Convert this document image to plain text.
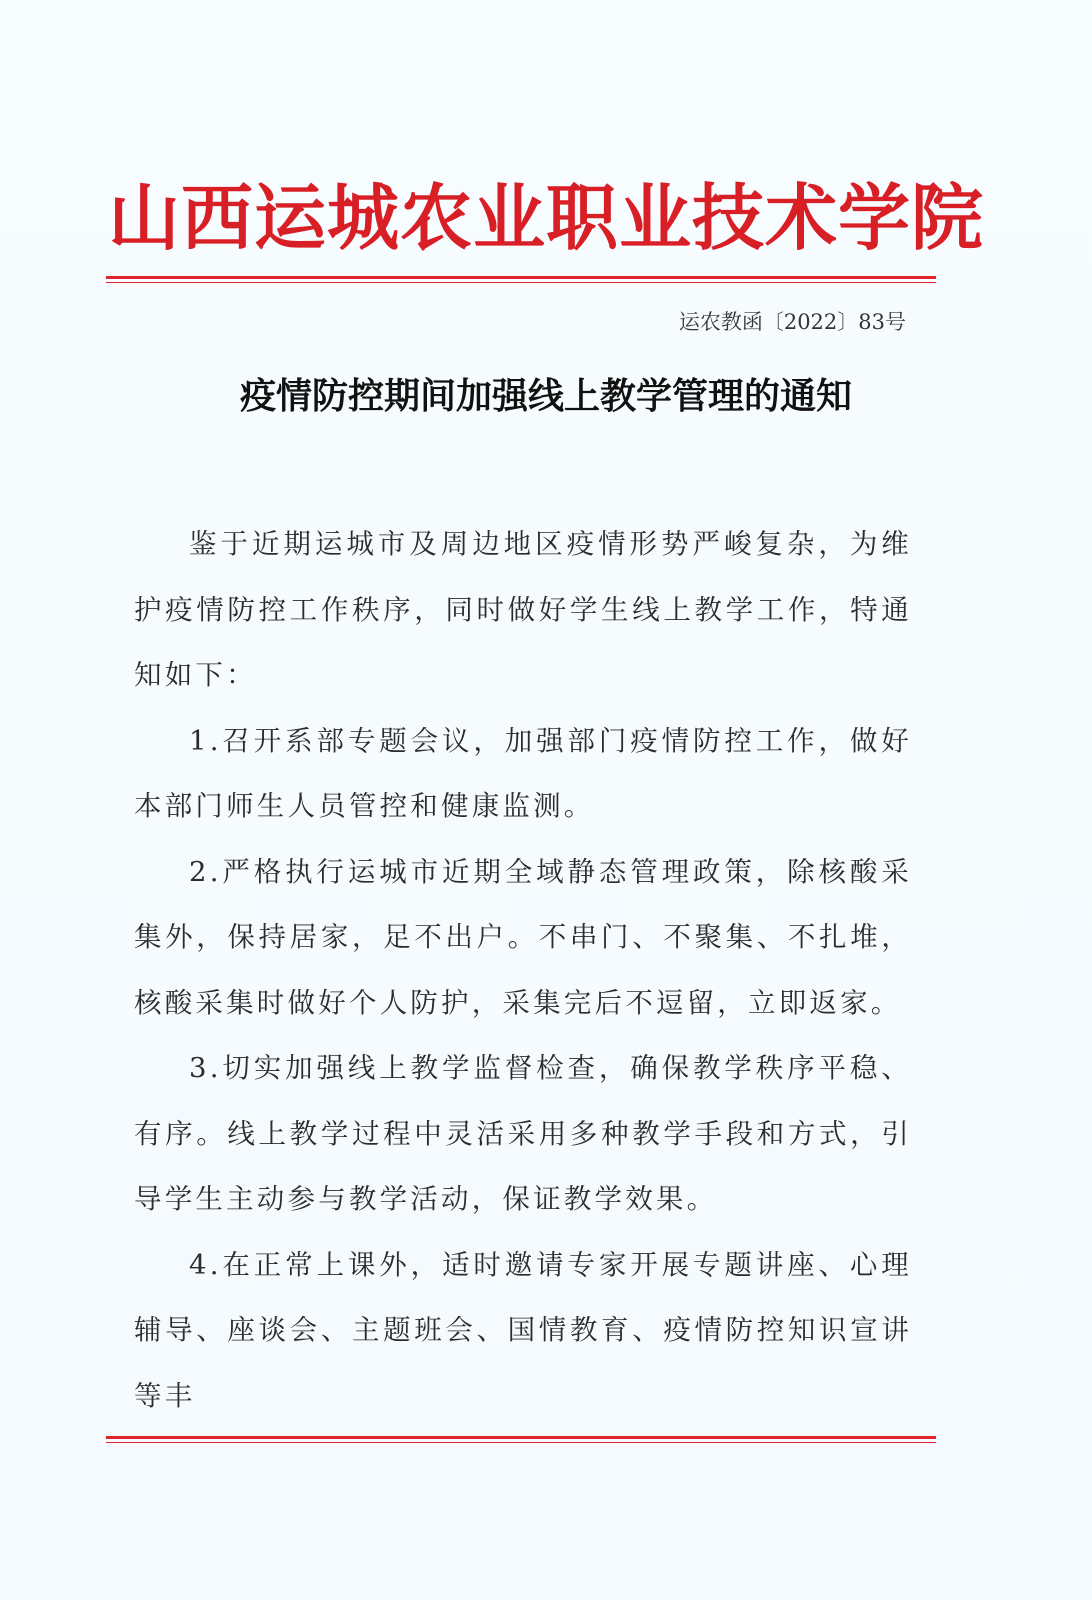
山西运城农业职业技术学院
运农教函〔2022〕83号
疫情防控期间加强线上教学管理的通知

鉴于近期运城市及周边地区疫情形势严峻复杂，为维护疫情防控工作秩序，同时做好学生线上教学工作，特通知如下：

1.召开系部专题会议，加强部门疫情防控工作，做好本部门师生人员管控和健康监测。

2.严格执行运城市近期全域静态管理政策，除核酸采集外，保持居家，足不出户。不串门、不聚集、不扎堆，核酸采集时做好个人防护，采集完后不逗留，立即返家。

3.切实加强线上教学监督检查，确保教学秩序平稳、有序。线上教学过程中灵活采用多种教学手段和方式，引导学生主动参与教学活动，保证教学效果。

4.在正常上课外，适时邀请专家开展专题讲座、心理辅导、座谈会、主题班会、国情教育、疫情防控知识宣讲等丰
